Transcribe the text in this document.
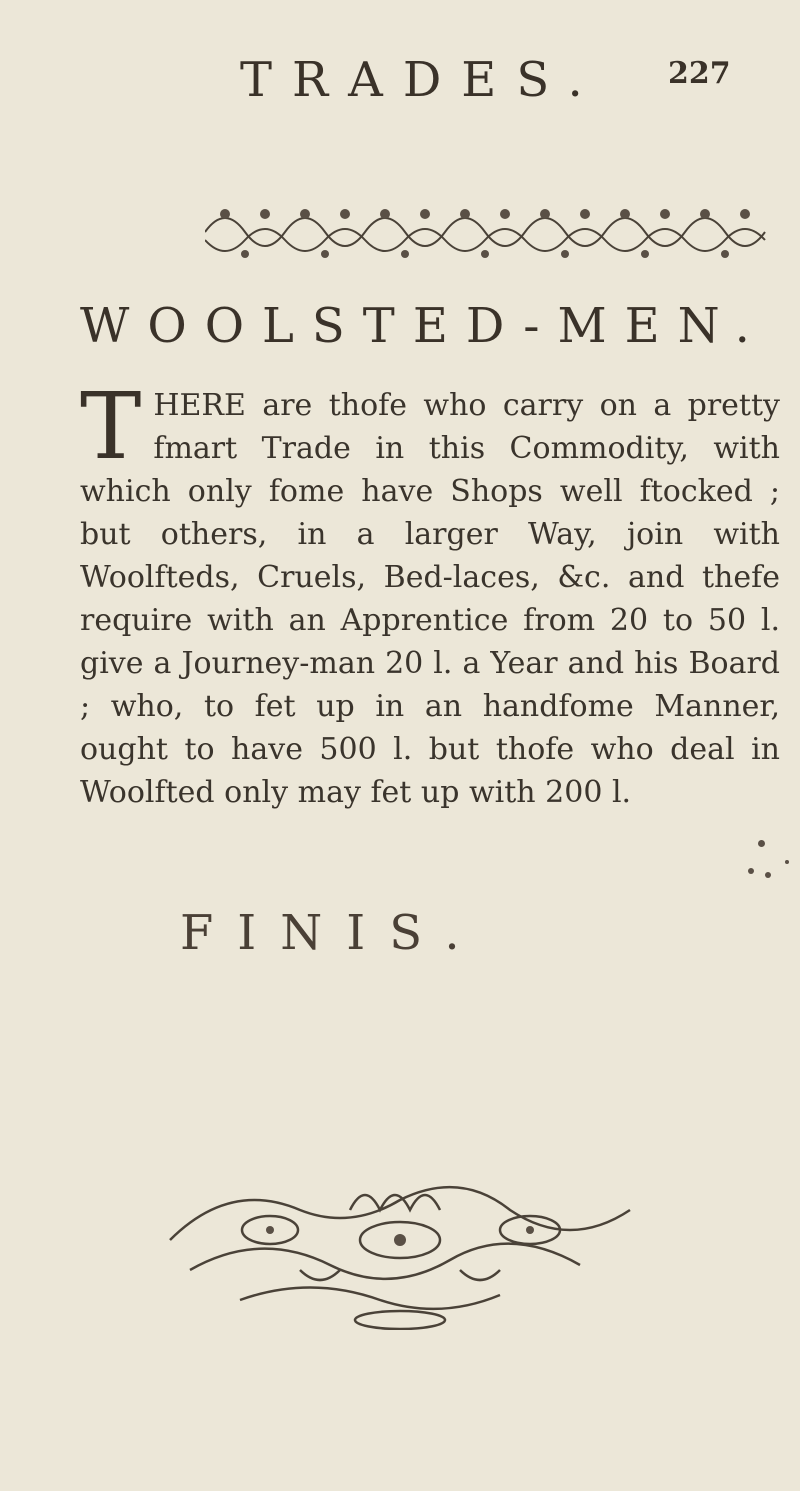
TRADES. 227
WOOLSTED-MEN.
T HERE are thofe who carry on a pretty fmart Trade in this Commodity, with which only fome have Shops well ftocked ; but others, in a larger Way, join with Woolfteds, Cruels, Bed-laces, &c. and thefe require with an Apprentice from 20 to 50 l. give a Journey-man 20 l. a Year and his Board ; who, to fet up in an handfome Manner, ought to have 500 l. but thofe who deal in Woolfted only may fet up with 200 l.

FINIS.
